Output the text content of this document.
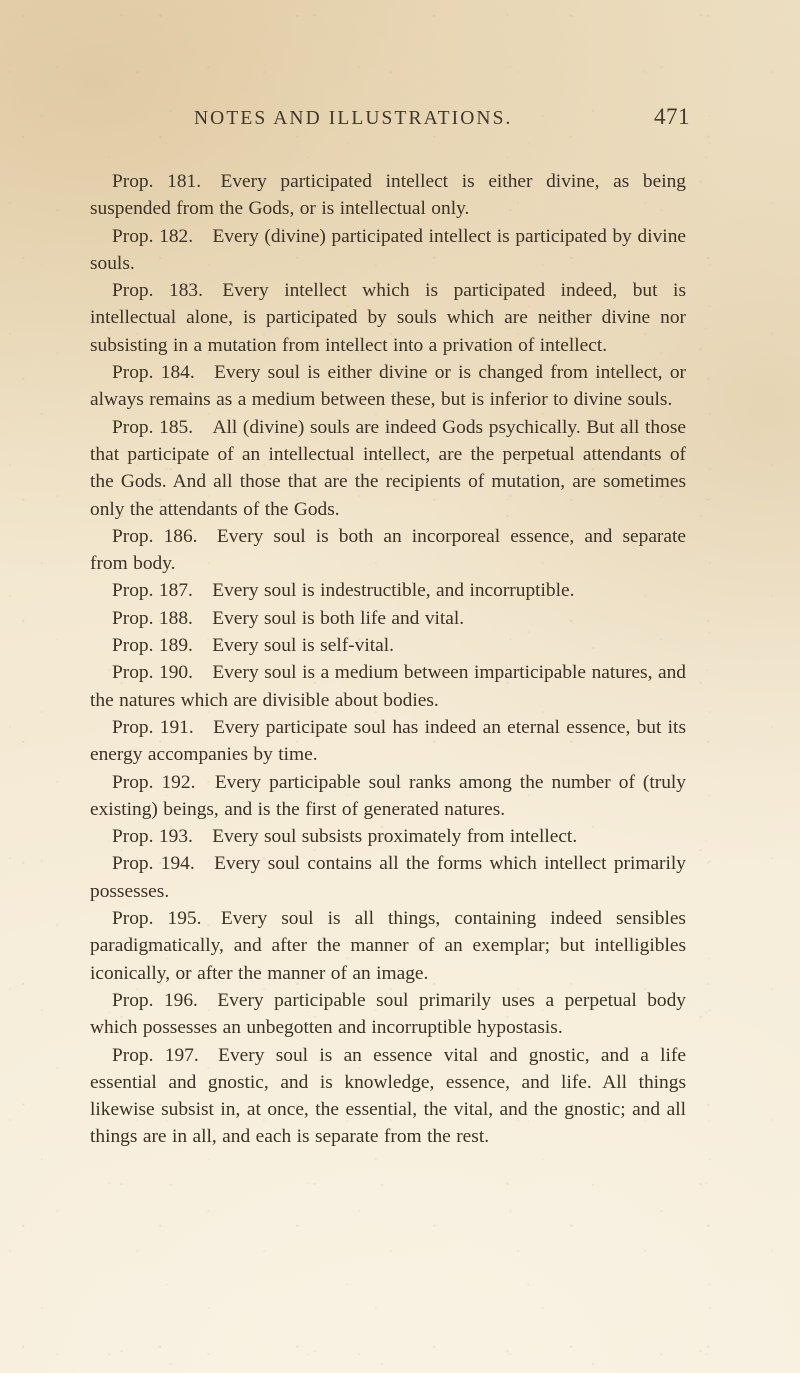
NOTES AND ILLUSTRATIONS.	471

Prop. 181. Every participated intellect is either divine, as being suspended from the Gods, or is intellectual only.

Prop. 182. Every (divine) participated intellect is participated by divine souls.

Prop. 183. Every intellect which is participated indeed, but is intellectual alone, is participated by souls which are neither divine nor subsisting in a mutation from intellect into a privation of intellect.

Prop. 184. Every soul is either divine or is changed from intellect, or always remains as a medium between these, but is inferior to divine souls.

Prop. 185. All (divine) souls are indeed Gods psychically. But all those that participate of an intellectual intellect, are the perpetual attendants of the Gods. And all those that are the recipients of mutation, are sometimes only the attendants of the Gods.

Prop. 186. Every soul is both an incorporeal essence, and separate from body.

Prop. 187. Every soul is indestructible, and incorruptible.

Prop. 188. Every soul is both life and vital.

Prop. 189. Every soul is self-vital.

Prop. 190. Every soul is a medium between imparticipable natures, and the natures which are divisible about bodies.

Prop. 191. Every participate soul has indeed an eternal essence, but its energy accompanies by time.

Prop. 192. Every participable soul ranks among the number of (truly existing) beings, and is the first of generated natures.

Prop. 193. Every soul subsists proximately from intellect.

Prop. 194. Every soul contains all the forms which intellect primarily possesses.

Prop. 195. Every soul is all things, containing indeed sensibles paradigmatically, and after the manner of an exemplar; but intelligibles iconically, or after the manner of an image.

Prop. 196. Every participable soul primarily uses a perpetual body which possesses an unbegotten and incorruptible hypostasis.

Prop. 197. Every soul is an essence vital and gnostic, and a life essential and gnostic, and is knowledge, essence, and life. All things likewise subsist in, at once, the essential, the vital, and the gnostic; and all things are in all, and each is separate from the rest.
